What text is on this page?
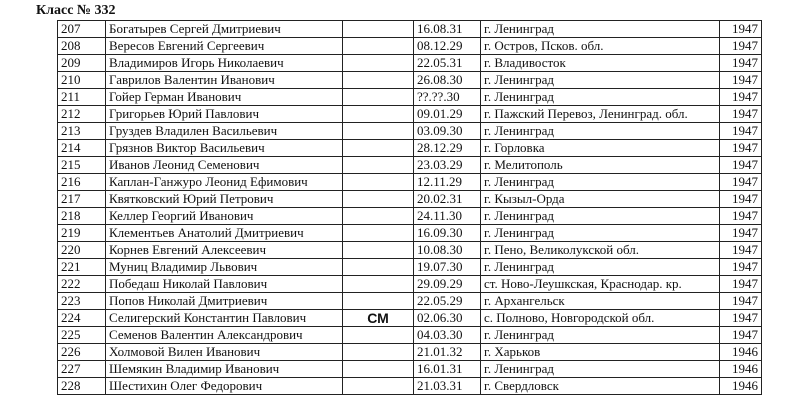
Класс № 332
207	Богатырев Сергей Дмитриевич		16.08.31	г. Ленинград	1947
208	Вересов Евгений Сергеевич		08.12.29	г. Остров, Псков. обл.	1947
209	Владимиров Игорь Николаевич		22.05.31	г. Владивосток	1947
210	Гаврилов Валентин Иванович		26.08.30	г. Ленинград	1947
211	Гойер Герман Иванович		??.??.30	г. Ленинград	1947
212	Григорьев Юрий Павлович		09.01.29	г. Пажский Перевоз, Ленинград. обл.	1947
213	Груздев Владилен Васильевич		03.09.30	г. Ленинград	1947
214	Грязнов Виктор Васильевич		28.12.29	г. Горловка	1947
215	Иванов Леонид Семенович		23.03.29	г. Мелитополь	1947
216	Каплан-Ганжуро Леонид Ефимович		12.11.29	г. Ленинград	1947
217	Квятковский Юрий Петрович		20.02.31	г. Кызыл-Орда	1947
218	Келлер Георгий Иванович		24.11.30	г. Ленинград	1947
219	Клементьев Анатолий Дмитриевич		16.09.30	г. Ленинград	1947
220	Корнев Евгений Алексеевич		10.08.30	г. Пено, Великолукской обл.	1947
221	Муниц Владимир Львович		19.07.30	г. Ленинград	1947
222	Победаш Николай Павлович		29.09.29	ст. Ново-Леушкская, Краснодар. кр.	1947
223	Попов Николай Дмитриевич		22.05.29	г. Архангельск	1947
224	Селигерский Константин Павлович	СМ	02.06.30	с. Полново, Новгородской обл.	1947
225	Семенов Валентин Александрович		04.03.30	г. Ленинград	1947
226	Холмовой Вилен Иванович		21.01.32	г. Харьков	1946
227	Шемякин Владимир Иванович		16.01.31	г. Ленинград	1946
228	Шестихин Олег Федорович		21.03.31	г. Свердловск	1946
